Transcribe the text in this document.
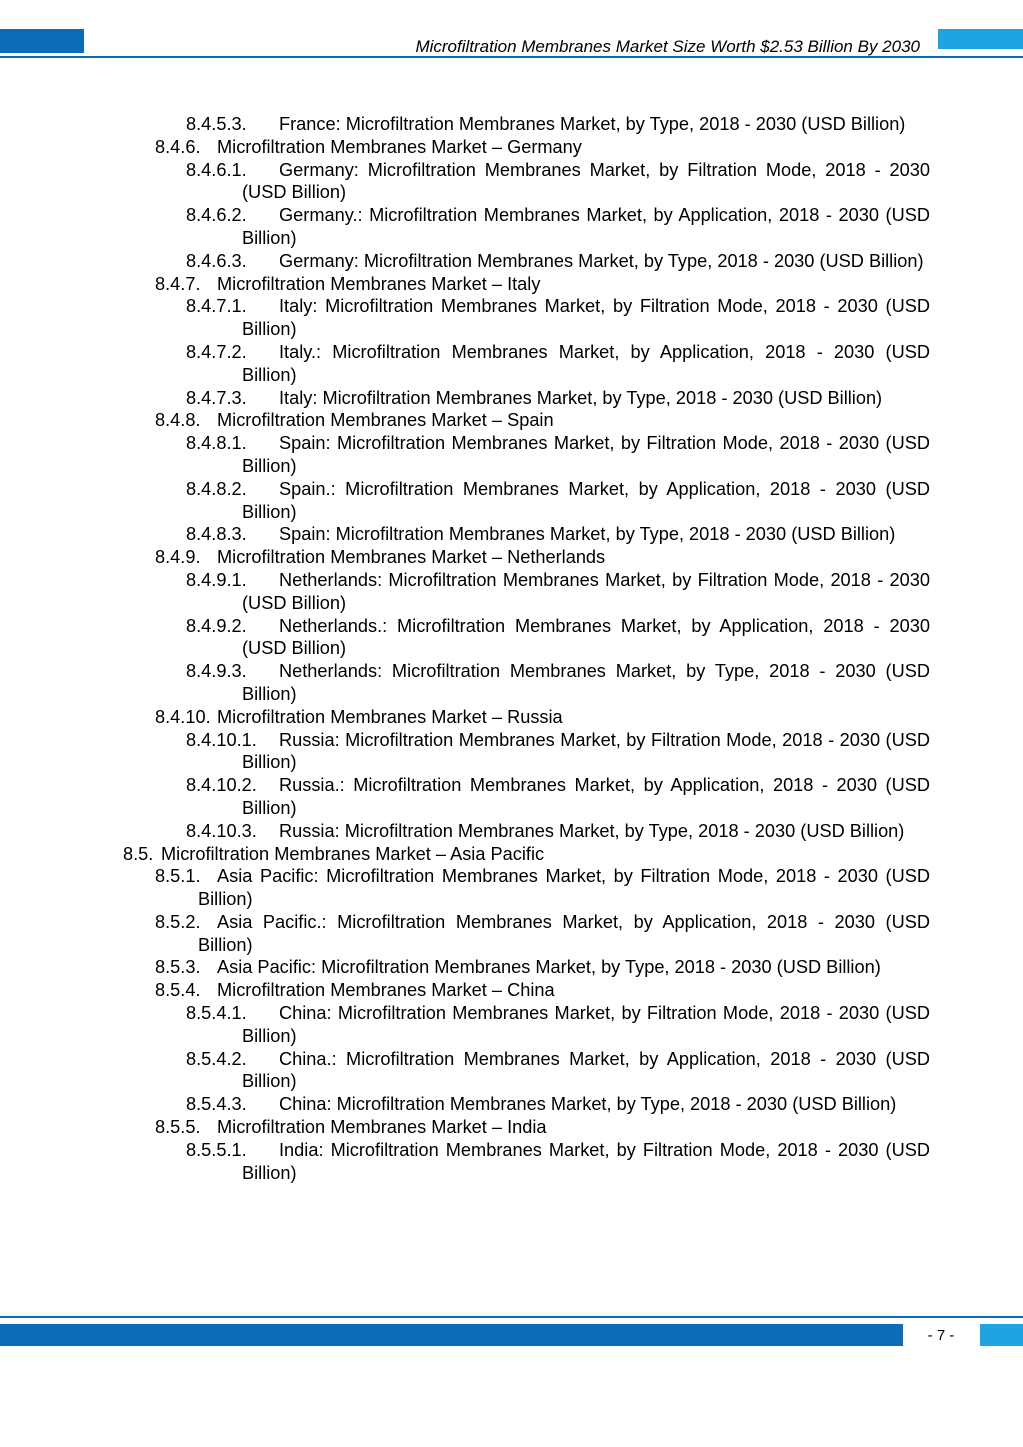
Microfiltration Membranes Market Size Worth $2.53 Billion By 2030
8.4.5.3.	France: Microfiltration Membranes Market, by Type, 2018 - 2030 (USD Billion)
8.4.6. Microfiltration Membranes Market – Germany
8.4.6.1.	Germany: Microfiltration Membranes Market, by Filtration Mode, 2018 - 2030 (USD Billion)
8.4.6.2.	Germany.: Microfiltration Membranes Market, by Application, 2018 - 2030 (USD Billion)
8.4.6.3.	Germany: Microfiltration Membranes Market, by Type, 2018 - 2030 (USD Billion)
8.4.7. Microfiltration Membranes Market – Italy
8.4.7.1.	Italy: Microfiltration Membranes Market, by Filtration Mode, 2018 - 2030 (USD Billion)
8.4.7.2.	Italy.: Microfiltration Membranes Market, by Application, 2018 - 2030 (USD Billion)
8.4.7.3.	Italy: Microfiltration Membranes Market, by Type, 2018 - 2030 (USD Billion)
8.4.8. Microfiltration Membranes Market – Spain
8.4.8.1.	Spain: Microfiltration Membranes Market, by Filtration Mode, 2018 - 2030 (USD Billion)
8.4.8.2.	Spain.: Microfiltration Membranes Market, by Application, 2018 - 2030 (USD Billion)
8.4.8.3.	Spain: Microfiltration Membranes Market, by Type, 2018 - 2030 (USD Billion)
8.4.9. Microfiltration Membranes Market – Netherlands
8.4.9.1.	Netherlands: Microfiltration Membranes Market, by Filtration Mode, 2018 - 2030 (USD Billion)
8.4.9.2.	Netherlands.: Microfiltration Membranes Market, by Application, 2018 - 2030 (USD Billion)
8.4.9.3.	Netherlands: Microfiltration Membranes Market, by Type, 2018 - 2030 (USD Billion)
8.4.10. Microfiltration Membranes Market – Russia
8.4.10.1.	Russia: Microfiltration Membranes Market, by Filtration Mode, 2018 - 2030 (USD Billion)
8.4.10.2.	Russia.: Microfiltration Membranes Market, by Application, 2018 - 2030 (USD Billion)
8.4.10.3.	Russia: Microfiltration Membranes Market, by Type, 2018 - 2030 (USD Billion)
8.5. Microfiltration Membranes Market – Asia Pacific
8.5.1. Asia Pacific: Microfiltration Membranes Market, by Filtration Mode, 2018 - 2030 (USD Billion)
8.5.2. Asia Pacific.: Microfiltration Membranes Market, by Application, 2018 - 2030 (USD Billion)
8.5.3. Asia Pacific: Microfiltration Membranes Market, by Type, 2018 - 2030 (USD Billion)
8.5.4. Microfiltration Membranes Market – China
8.5.4.1.	China: Microfiltration Membranes Market, by Filtration Mode, 2018 - 2030 (USD Billion)
8.5.4.2.	China.: Microfiltration Membranes Market, by Application, 2018 - 2030 (USD Billion)
8.5.4.3.	China: Microfiltration Membranes Market, by Type, 2018 - 2030 (USD Billion)
8.5.5. Microfiltration Membranes Market – India
8.5.5.1.	India: Microfiltration Membranes Market, by Filtration Mode, 2018 - 2030 (USD Billion)
- 7 -
